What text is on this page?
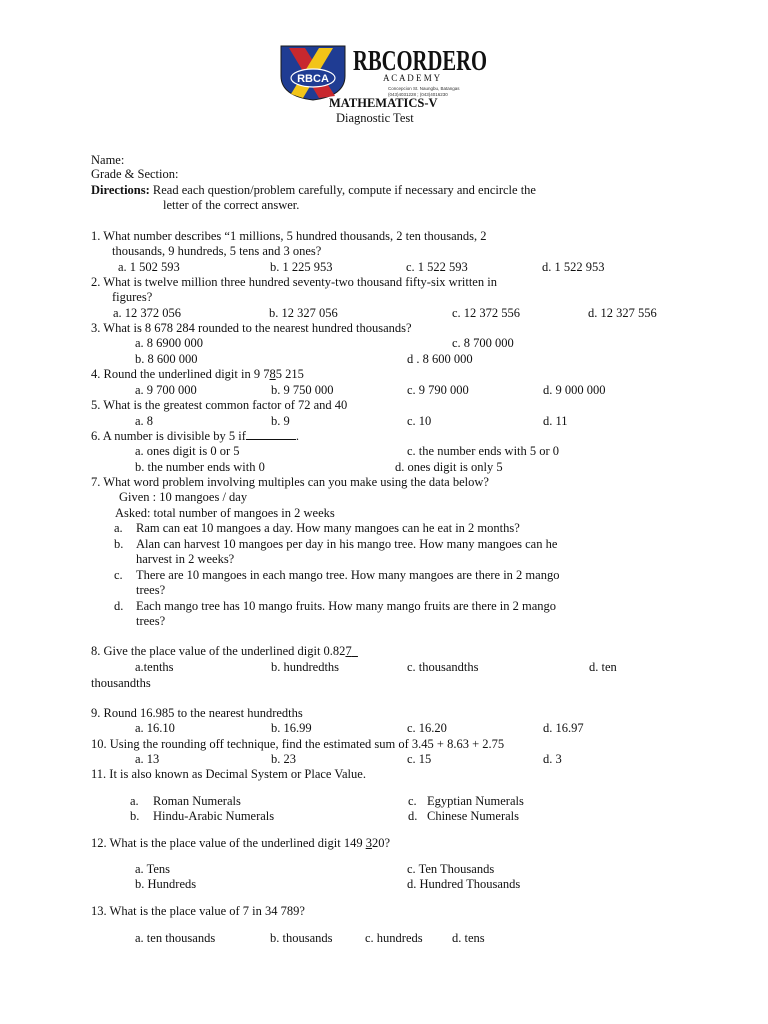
RBCA
RBCORDERO
A C A D E M Y
Concepcion St. Naungbu, Batangas
(043)4031228 ; (043)4016230
MATHEMATICS-V
Diagnostic Test
Name:
Grade & Section:
Directions: Read each question/problem carefully, compute if necessary and encircle the
letter of the correct answer.
1. What number describes “1 millions, 5 hundred thousands, 2 ten thousands, 2
thousands, 9 hundreds, 5 tens and 3 ones?
a. 1 502 593	b. 1 225 953	c. 1 522 593	d. 1 522 953
2. What is twelve million three hundred seventy-two thousand fifty-six written in
figures?
a. 12 372 056	b. 12 327 056	c. 12 372 556	d. 12 327 556
3. What is 8 678 284 rounded to the nearest hundred thousands?
a. 8 6900 000	c. 8 700 000
b. 8 600 000	d . 8 600 000
4. Round the underlined digit in 9 785 215
a. 9 700 000	b. 9 750 000	c. 9 790 000	d. 9 000 000
5. What is the greatest common factor of 72 and 40
a. 8	b. 9	c. 10	d. 11
6. A number is divisible by 5 if	.
a. ones digit is 0 or 5	c. the number ends with 5 or 0
b. the number ends with 0	d. ones digit is only 5
7. What word problem involving multiples can you make using the data below?
Given : 10 mangoes / day
Asked: total number of mangoes in 2 weeks
a. Ram can eat 10 mangoes a day. How many mangoes can he eat in 2 months?
b. Alan can harvest 10 mangoes per day in his mango tree. How many mangoes can he
harvest in 2 weeks?
c. There are 10 mangoes in each mango tree. How many mangoes are there in 2 mango
trees?
d. Each mango tree has 10 mango fruits. How many mango fruits are there in 2 mango
trees?
8. Give the place value of the underlined digit 0.827
a.tenths	b. hundredths	c. thousandths	d. ten
thousandths
9. Round 16.985 to the nearest hundredths
a. 16.10	b. 16.99	c. 16.20	d. 16.97
10. Using the rounding off technique, find the estimated sum of 3.45 + 8.63 + 2.75
a. 13	b. 23	c. 15	d. 3
11. It is also known as Decimal System or Place Value.
a. Roman Numerals	c. Egyptian Numerals
b. Hindu-Arabic Numerals	d. Chinese Numerals
12. What is the place value of the underlined digit 149 320?
a. Tens	c. Ten Thousands
b. Hundreds	d. Hundred Thousands
13. What is the place value of 7 in 34 789?
a. ten thousands	b. thousands	c. hundreds d. tens
